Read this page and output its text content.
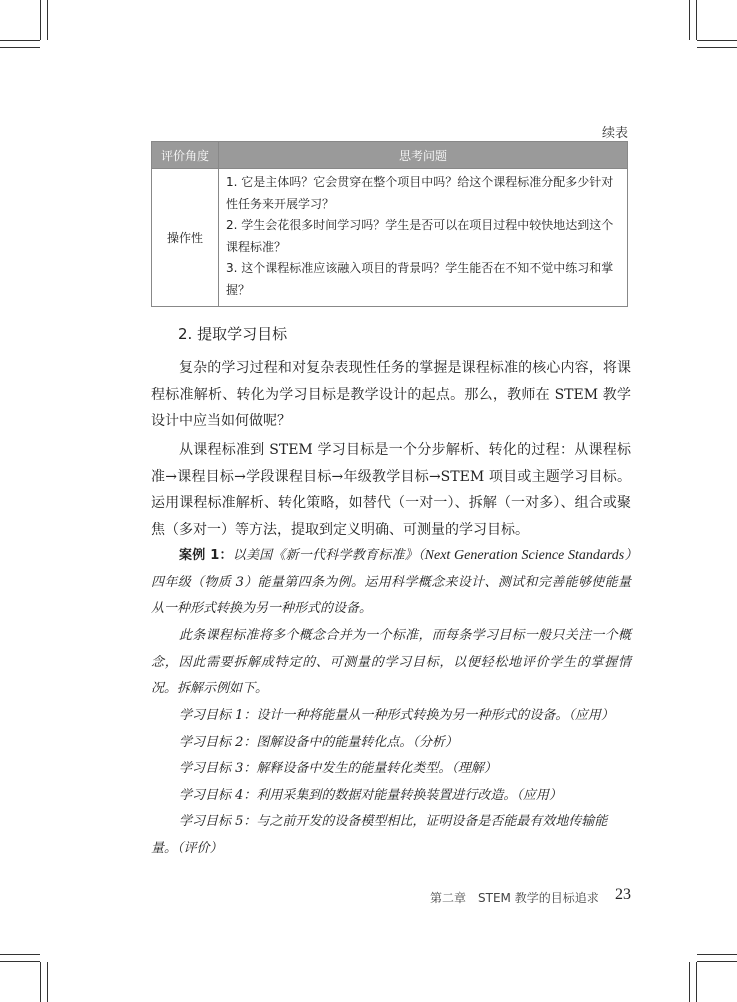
续表
评价角度	思考问题
操作性	1. 它是主体吗？它会贯穿在整个项目中吗？给这个课程标准分配多少针对性任务来开展学习？
2. 学生会花很多时间学习吗？学生是否可以在项目过程中较快地达到这个课程标准？
3. 这个课程标准应该融入项目的背景吗？学生能否在不知不觉中练习和掌握？
2. 提取学习目标

复杂的学习过程和对复杂表现性任务的掌握是课程标准的核心内容，将课程标准解析、转化为学习目标是教学设计的起点。那么，教师在 STEM 教学设计中应当如何做呢？

从课程标准到 STEM 学习目标是一个分步解析、转化的过程：从课程标准→课程目标→学段课程目标→年级教学目标→STEM 项目或主题学习目标。运用课程标准解析、转化策略，如替代（一对一）、拆解（一对多）、组合或聚焦（多对一）等方法，提取到定义明确、可测量的学习目标。

案例 1：以美国《新一代科学教育标准》（Next Generation Science Standards）四年级（物质 3）能量第四条为例。运用科学概念来设计、测试和完善能够使能量从一种形式转换为另一种形式的设备。

此条课程标准将多个概念合并为一个标准，而每条学习目标一般只关注一个概念，因此需要拆解成特定的、可测量的学习目标，以便轻松地评价学生的掌握情况。拆解示例如下。

学习目标 1：设计一种将能量从一种形式转换为另一种形式的设备。（应用）

学习目标 2：图解设备中的能量转化点。（分析）

学习目标 3：解释设备中发生的能量转化类型。（理解）

学习目标 4：利用采集到的数据对能量转换装置进行改造。（应用）

学习目标 5：与之前开发的设备模型相比，证明设备是否能最有效地传输能量。（评价）

第二章　STEM 教学的目标追求 23
